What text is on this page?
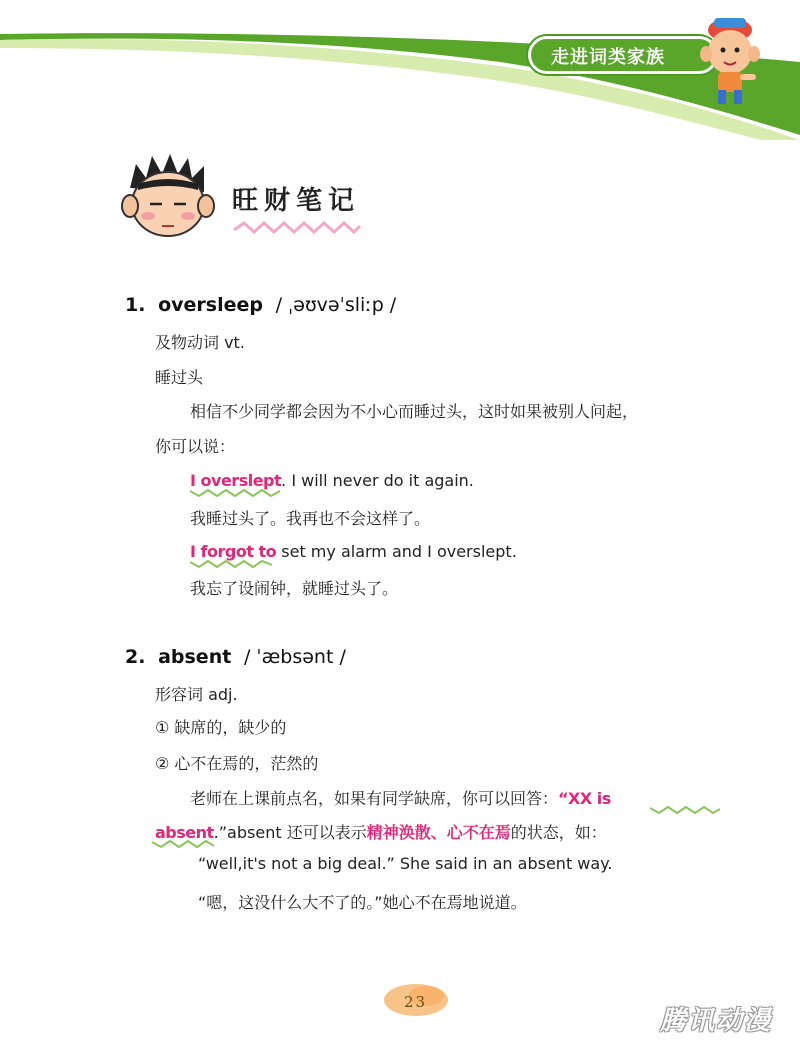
走进词类家族
旺财笔记
1. oversleep / ˌəʊvəˈsliːp /
及物动词 vt.
睡过头
相信不少同学都会因为不小心而睡过头，这时如果被别人问起，
你可以说：
I overslept. I will never do it again.
我睡过头了。我再也不会这样了。
I forgot to set my alarm and I overslept.
我忘了设闹钟，就睡过头了。
2. absent / ˈæbsənt /
形容词 adj.
① 缺席的，缺少的
② 心不在焉的，茫然的
老师在上课前点名，如果有同学缺席，你可以回答：“XX is
absent.”absent 还可以表示精神涣散、心不在焉的状态，如：
“well,it's not a big deal.” She said in an absent way.
“嗯，这没什么大不了的。”她心不在焉地说道。
23
腾讯动漫
